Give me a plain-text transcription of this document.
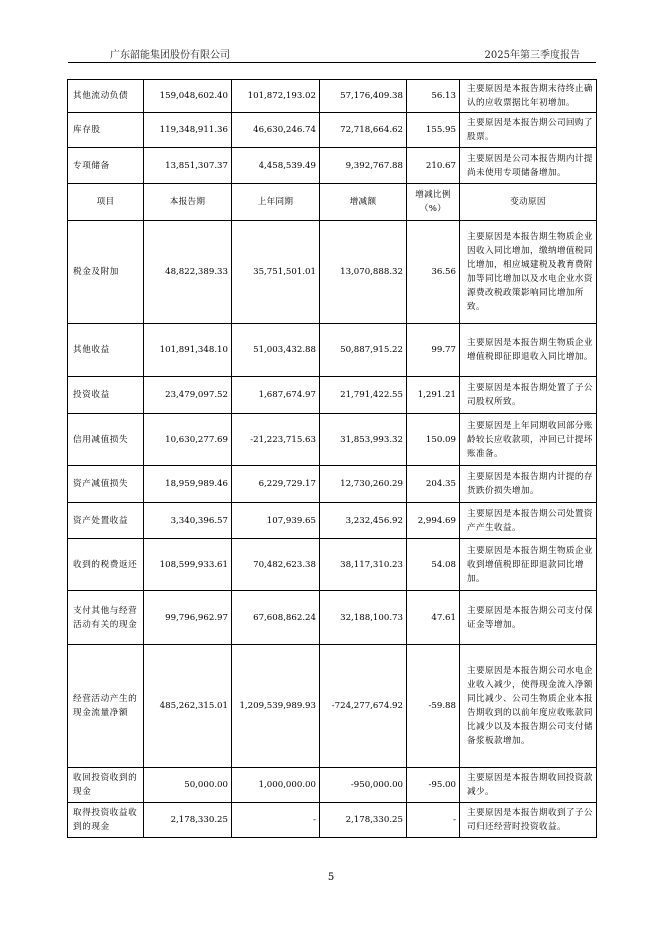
广东韶能集团股份有限公司	2025年第三季度报告
其他流动负债	159,048,602.40	101,872,193.02	57,176,409.38	56.13	主要原因是本报告期末待终止确认的应收票据比年初增加。
库存股	119,348,911.36	46,630,246.74	72,718,664.62	155.95	主要原因是本报告期公司回购了股票。
专项储备	13,851,307.37	4,458,539.49	9,392,767.88	210.67	主要原因是公司本报告期内计提尚未使用专项储备增加。
项目	本报告期	上年同期	增减额	增减比例（%）	变动原因
税金及附加	48,822,389.33	35,751,501.01	13,070,888.32	36.56	主要原因是本报告期生物质企业因收入同比增加，缴纳增值税同比增加，相应城建税及教育费附加等同比增加以及水电企业水资源费改税政策影响同比增加所致。
其他收益	101,891,348.10	51,003,432.88	50,887,915.22	99.77	主要原因是本报告期生物质企业增值税即征即退收入同比增加。
投资收益	23,479,097.52	1,687,674.97	21,791,422.55	1,291.21	主要原因是本报告期处置了子公司股权所致。
信用减值损失	10,630,277.69	-21,223,715.63	31,853,993.32	150.09	主要原因是上年同期收回部分账龄较长应收款项，冲回已计提坏账准备。
资产减值损失	18,959,989.46	6,229,729.17	12,730,260.29	204.35	主要原因是本报告期内计提的存货跌价损失增加。
资产处置收益	3,340,396.57	107,939.65	3,232,456.92	2,994.69	主要原因是本报告期公司处置资产产生收益。
收到的税费返还	108,599,933.61	70,482,623.38	38,117,310.23	54.08	主要原因是本报告期生物质企业收到增值税即征即退款同比增加。
支付其他与经营活动有关的现金	99,796,962.97	67,608,862.24	32,188,100.73	47.61	主要原因是本报告期公司支付保证金等增加。
经营活动产生的现金流量净额	485,262,315.01	1,209,539,989.93	-724,277,674.92	-59.88	主要原因是本报告期公司水电企业收入减少，使得现金流入净额同比减少、公司生物质企业本报告期收到的以前年度应收账款同比减少以及本报告期公司支付储备浆板款增加。
收回投资收到的现金	50,000.00	1,000,000.00	-950,000.00	-95.00	主要原因是本报告期收回投资款减少。
取得投资收益收到的现金	2,178,330.25	-	2,178,330.25	-	主要原因是本报告期收到了子公司归还经营时投资收益。
5
